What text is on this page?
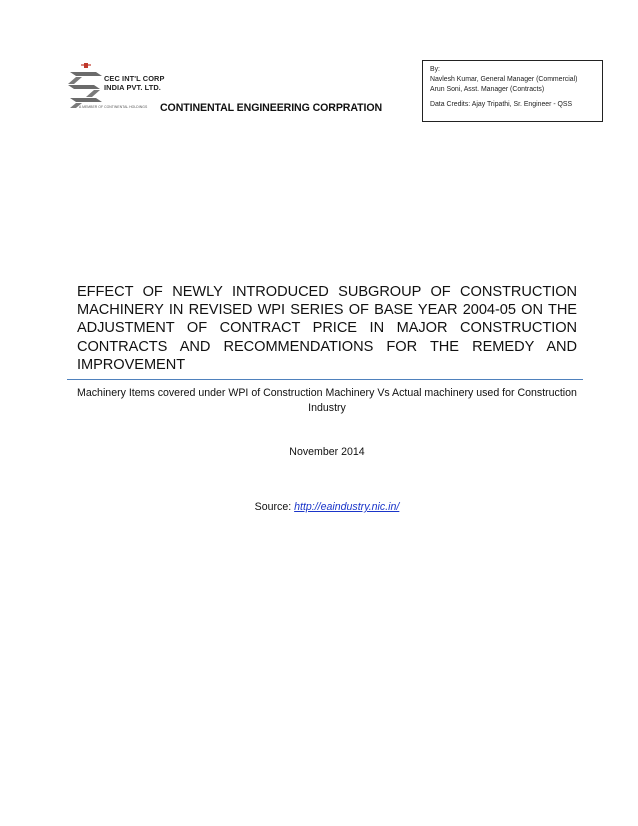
CEC INT'L CORP
INDIA PVT. LTD.
A MEMBER OF CONTINENTAL HOLDINGS CONTINENTAL ENGINEERING CORPRATION
By:
Navlesh Kumar, General Manager (Commercial)
Arun Soni, Asst. Manager (Contracts)
Data Credits: Ajay Tripathi, Sr. Engineer - QSS
EFFECT OF NEWLY INTRODUCED SUBGROUP OF CONSTRUCTION MACHINERY IN REVISED WPI SERIES OF BASE YEAR 2004-05 ON THE ADJUSTMENT OF CONTRACT PRICE IN MAJOR CONSTRUCTION CONTRACTS AND RECOMMENDATIONS FOR THE REMEDY AND IMPROVEMENT
Machinery Items covered under WPI of Construction Machinery Vs Actual machinery used for Construction Industry
November 2014
Source: http://eaindustry.nic.in/
